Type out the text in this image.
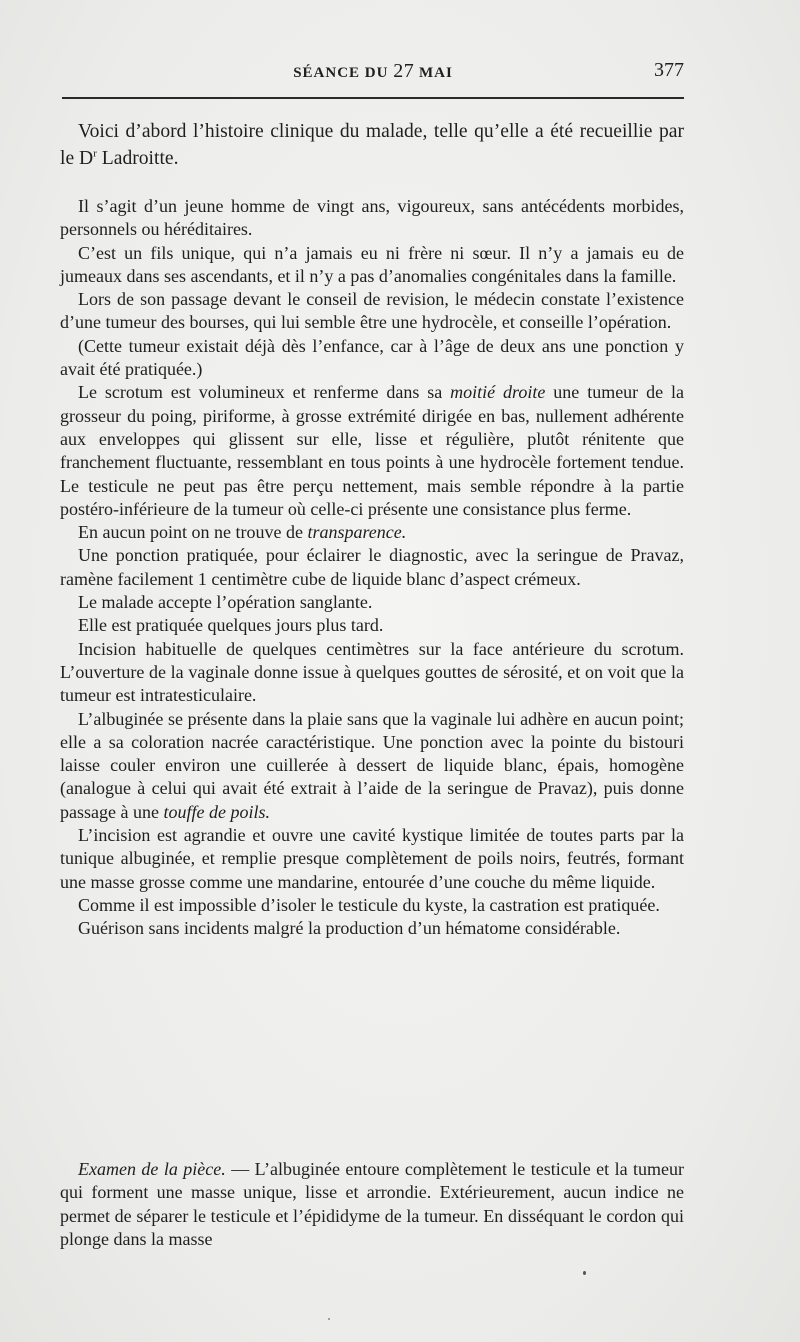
SÉANCE DU 27 MAI	377

Voici d’abord l’histoire clinique du malade, telle qu’elle a été recueillie par le $D^r$ Ladroitte.

Il s’agit d’un jeune homme de vingt ans, vigoureux, sans antécédents morbides, personnels ou héréditaires.

C’est un fils unique, qui n’a jamais eu ni frère ni sœur. Il n’y a jamais eu de jumeaux dans ses ascendants, et il n’y a pas d’anomalies congénitales dans la famille.

Lors de son passage devant le conseil de revision, le médecin constate l’existence d’une tumeur des bourses, qui lui semble être une hydrocèle, et conseille l’opération.

(Cette tumeur existait déjà dès l’enfance, car à l’âge de deux ans une ponction y avait été pratiquée.)

Le scrotum est volumineux et renferme dans sa moitié droite une tumeur de la grosseur du poing, piriforme, à grosse extrémité dirigée en bas, nullement adhérente aux enveloppes qui glissent sur elle, lisse et régulière, plutôt rénitente que franchement fluctuante, ressemblant en tous points à une hydrocèle fortement tendue. Le testicule ne peut pas être perçu nettement, mais semble répondre à la partie postéro-inférieure de la tumeur où celle-ci présente une consistance plus ferme.

En aucun point on ne trouve de transparence.

Une ponction pratiquée, pour éclairer le diagnostic, avec la seringue de Pravaz, ramène facilement 1 centimètre cube de liquide blanc d’aspect crémeux.

Le malade accepte l’opération sanglante.

Elle est pratiquée quelques jours plus tard.

Incision habituelle de quelques centimètres sur la face antérieure du scrotum. L’ouverture de la vaginale donne issue à quelques gouttes de sérosité, et on voit que la tumeur est intratesticulaire.

L’albuginée se présente dans la plaie sans que la vaginale lui adhère en aucun point; elle a sa coloration nacrée caractéristique. Une ponction avec la pointe du bistouri laisse couler environ une cuillerée à dessert de liquide blanc, épais, homogène (analogue à celui qui avait été extrait à l’aide de la seringue de Pravaz), puis donne passage à une touffe de poils.

L’incision est agrandie et ouvre une cavité kystique limitée de toutes parts par la tunique albuginée, et remplie presque complètement de poils noirs, feutrés, formant une masse grosse comme une mandarine, entourée d’une couche du même liquide.

Comme il est impossible d’isoler le testicule du kyste, la castration est pratiquée.

Guérison sans incidents malgré la production d’un hématome considérable.

Examen de la pièce. — L’albuginée entoure complètement le testicule et la tumeur qui forment une masse unique, lisse et arrondie. Extérieurement, aucun indice ne permet de séparer le testicule et l’épididyme de la tumeur. En disséquant le cordon qui plonge dans la masse
